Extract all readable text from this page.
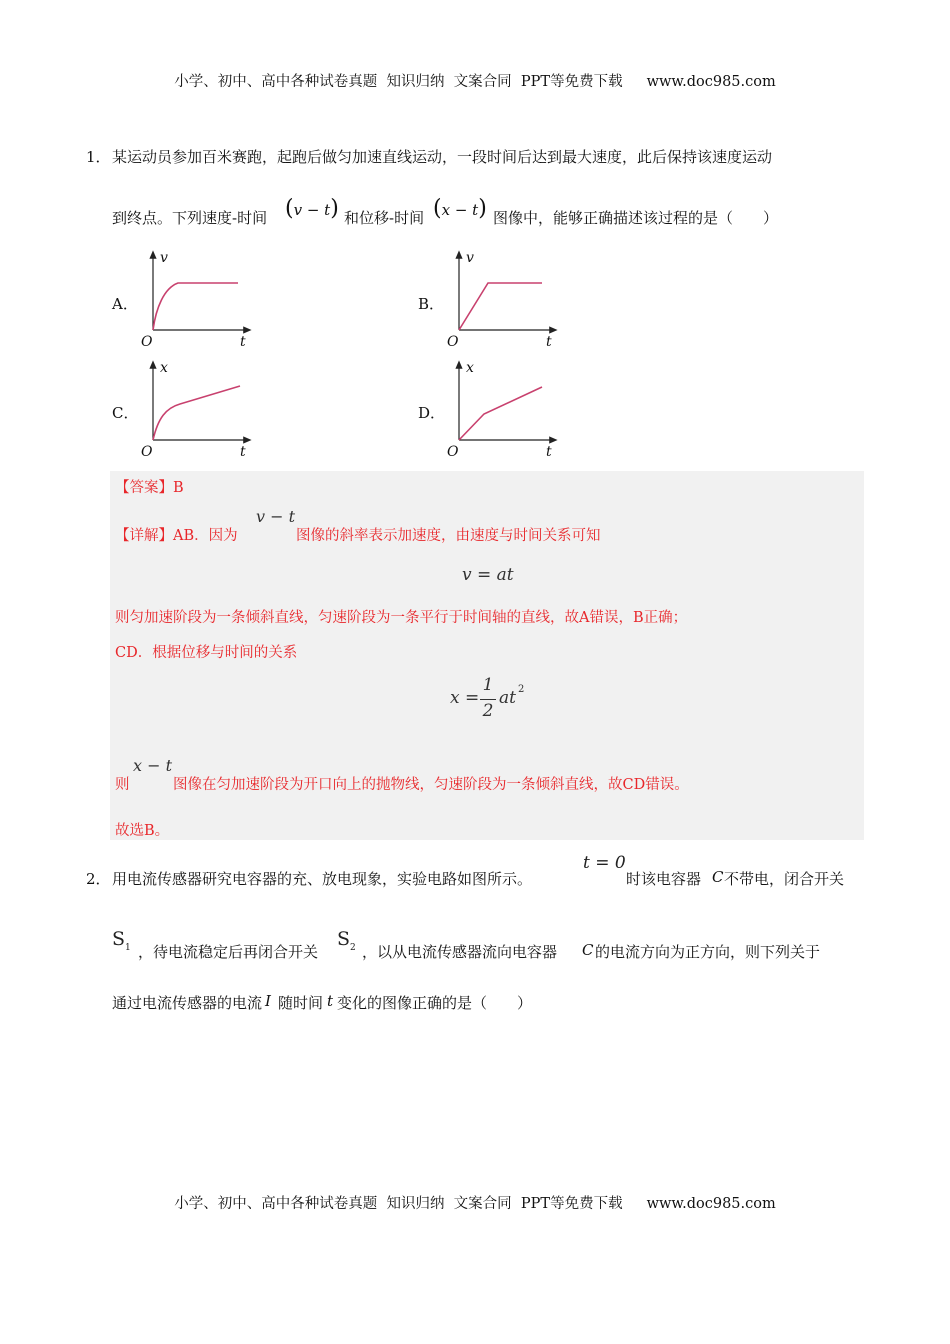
小学、初中、高中各种试卷真题  知识归纳  文案合同  PPT等免费下载 www.doc985.com
1． 某运动员参加百米赛跑，起跑后做匀加速直线运动，一段时间后达到最大速度，此后保持该速度运动
到终点。下列速度-时间 (v − t) 和位移-时间 (x − t) 图像中，能够正确描述该过程的是（　　）
A．	B．
C．	D．
v
O	t
v
O	t
x
O	t
x
O	t
【答案】B
【详解】AB．因为
v − t
图像的斜率表示加速度，由速度与时间关系可知
v = at
则匀加速阶段为一条倾斜直线，匀速阶段为一条平行于时间轴的直线，故A错误，B正确；
CD．根据位移与时间的关系
x =
1
2
at 2
则
x − t
图像在匀加速阶段为开口向上的抛物线，匀速阶段为一条倾斜直线，故CD错误。
故选B。
2． 用电流传感器研究电容器的充、放电现象，实验电路如图所示。
t = 0
时该电容器 C 不带电，闭合开关
$S_1$ ，待电流稳定后再闭合开关
$S_2$ ，以从电流传感器流向电容器 C 的电流方向为正方向，则下列关于
通过电流传感器的电流 I 随时间 t 变化的图像正确的是（　　）
小学、初中、高中各种试卷真题  知识归纳  文案合同  PPT等免费下载 www.doc985.com
